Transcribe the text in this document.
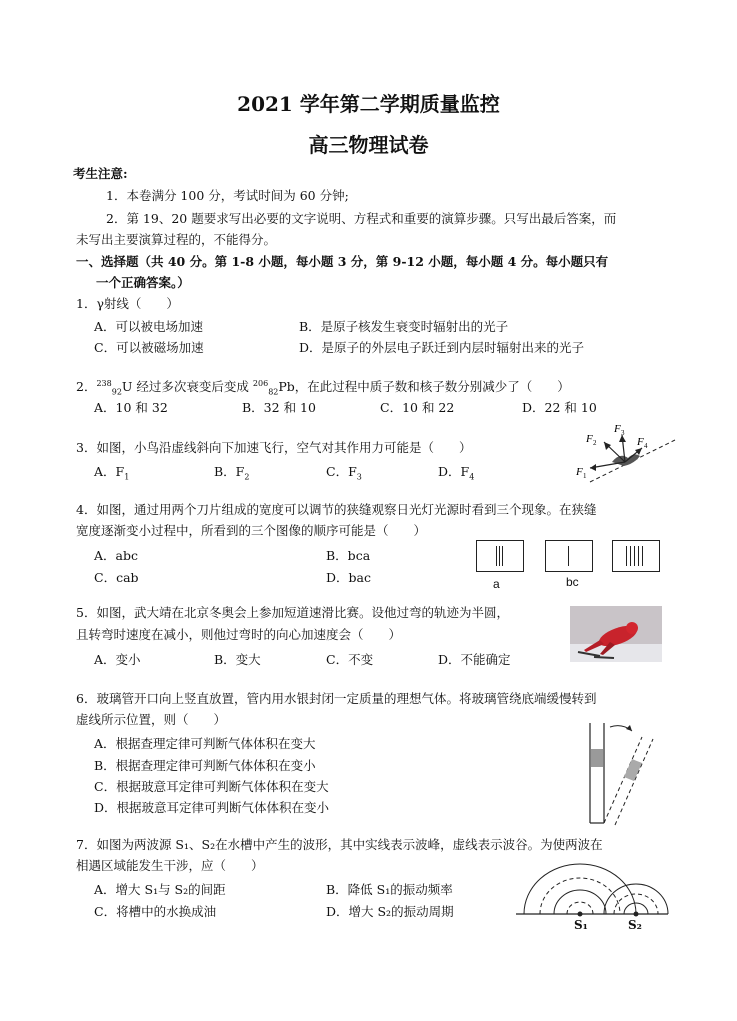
2021 学年第二学期质量监控
高三物理试卷
考生注意:
1．本卷满分 100 分，考试时间为 60 分钟;
2．第 19、20 题要求写出必要的文字说明、方程式和重要的演算步骤。只写出最后答案，而
未写出主要演算过程的，不能得分。
一、选择题（共 40 分。第 1-8 小题，每小题 3 分，第 9-12 小题，每小题 4 分。每小题只有
一个正确答案。）
1．γ射线（　　）
A．可以被电场加速	B．是原子核发生衰变时辐射出的光子
C．可以被磁场加速	D．是原子的外层电子跃迁到内层时辐射出来的光子
2．$^{238}_{92}$U 经过多次衰变后变成 $^{206}_{82}$Pb，在此过程中质子数和核子数分别减少了（　　）
A．10 和 32	B．32 和 10	C．10 和 22	D．22 和 10
3．如图，小鸟沿虚线斜向下加速飞行，空气对其作用力可能是（　　）
A．$F_1$	B．$F_2$	C．$F_3$	D．$F_4$	F 1
F 2
F 3
F 4
4．如图，通过用两个刀片组成的宽度可以调节的狭缝观察日光灯光源时看到三个现象。在狭缝
宽度逐渐变小过程中，所看到的三个图像的顺序可能是（　　）
A．abc	B．bca
C．cab	D．bac	a	bc
5．如图，武大靖在北京冬奥会上参加短道速滑比赛。设他过弯的轨迹为半圆，
且转弯时速度在减小，则他过弯时的向心加速度会（　　）
A．变小	B．变大	C．不变	D．不能确定
6．玻璃管开口向上竖直放置，管内用水银封闭一定质量的理想气体。将玻璃管绕底端缓慢转到
虚线所示位置，则（　　）
A．根据查理定律可判断气体体积在变大
B．根据查理定律可判断气体体积在变小
C．根据玻意耳定律可判断气体体积在变大
D．根据玻意耳定律可判断气体体积在变小
7．如图为两波源 S₁、S₂在水槽中产生的波形，其中实线表示波峰，虚线表示波谷。为使两波在
相遇区域能发生干涉，应（　　）
A．增大 S₁与 S₂的间距	B．降低 S₁的振动频率
C．将槽中的水换成油	D．增大 S₂的振动周期
S₁	S₂
